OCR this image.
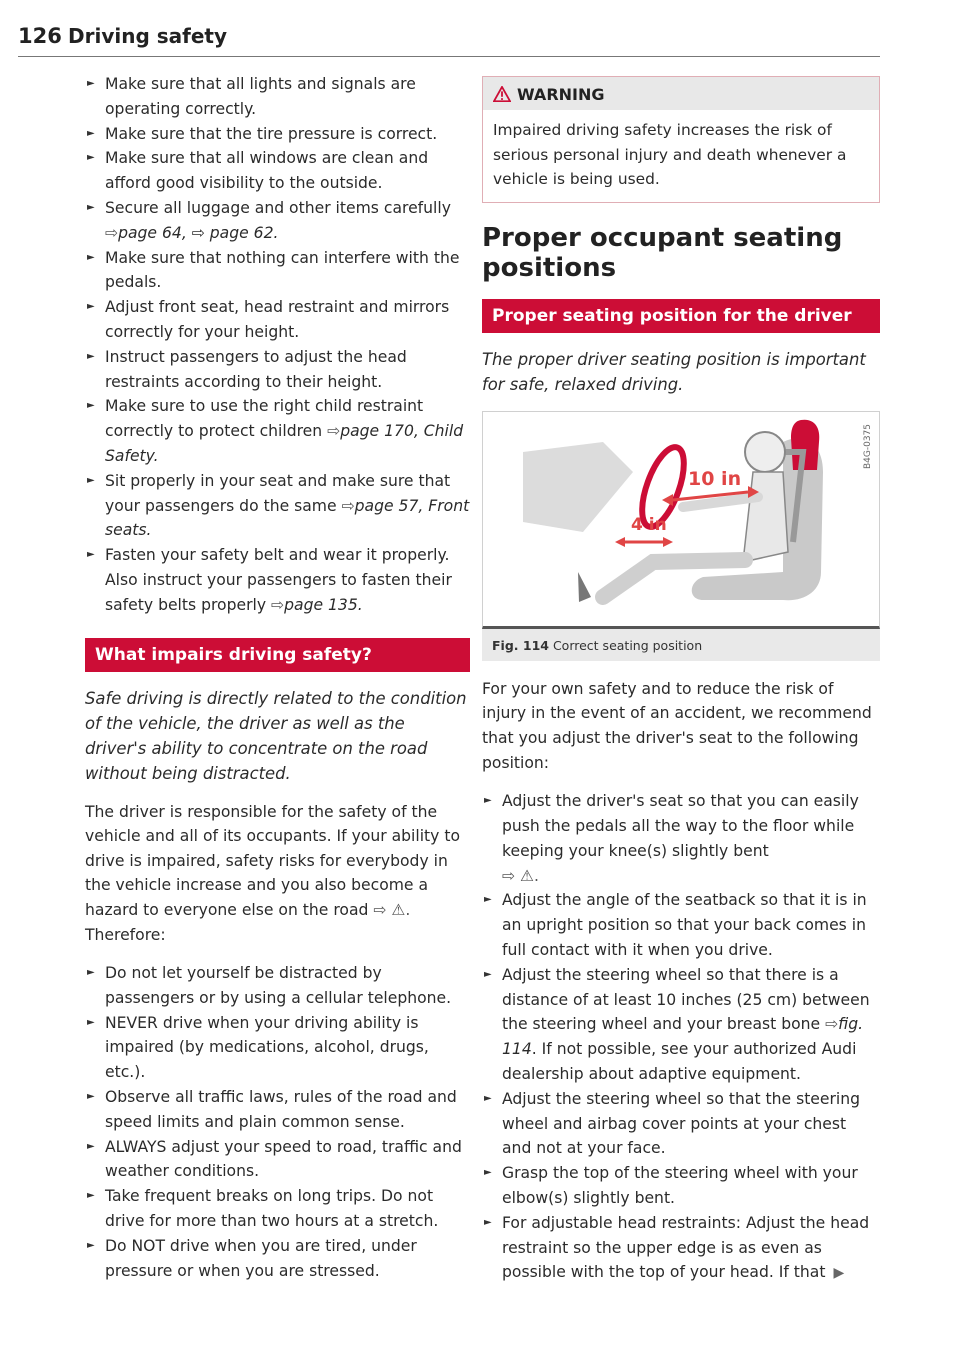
126 Driving safety
► Make sure that all lights and signals are operating correctly.
► Make sure that the tire pressure is correct.
► Make sure that all windows are clean and afford good visibility to the outside.
► Secure all luggage and other items carefully
⇨page 64, ⇨ page 62.
► Make sure that nothing can interfere with the pedals.
► Adjust front seat, head restraint and mirrors correctly for your height.
► Instruct passengers to adjust the head restraints according to their height.
► Make sure to use the right child restraint correctly to protect children ⇨page 170, Child Safety.
► Sit properly in your seat and make sure that your passengers do the same ⇨page 57, Front seats.
► Fasten your safety belt and wear it properly. Also instruct your passengers to fasten their safety belts properly ⇨page 135.
What impairs driving safety?

Safe driving is directly related to the condition of the vehicle, the driver as well as the driver's ability to concentrate on the road without being distracted.

The driver is responsible for the safety of the vehicle and all of its occupants. If your ability to drive is impaired, safety risks for everybody in the vehicle increase and you also become a hazard to everyone else on the road ⇨ ⚠.
Therefore:

► Do not let yourself be distracted by passengers or by using a cellular telephone.
► NEVER drive when your driving ability is impaired (by medications, alcohol, drugs, etc.).
► Observe all traffic laws, rules of the road and speed limits and plain common sense.
► ALWAYS adjust your speed to road, traffic and weather conditions.
► Take frequent breaks on long trips. Do not drive for more than two hours at a stretch.
► Do NOT drive when you are tired, under pressure or when you are stressed.
WARNING
Impaired driving safety increases the risk of serious personal injury and death whenever a vehicle is being used.
Proper occupant seating positions
Proper seating position for the driver

The proper driver seating position is important for safe, relaxed driving.

10 in
4 in
B4G-0375
Fig. 114 Correct seating position

For your own safety and to reduce the risk of injury in the event of an accident, we recommend that you adjust the driver's seat to the following position:

► Adjust the driver's seat so that you can easily push the pedals all the way to the floor while keeping your knee(s) slightly bent
⇨ ⚠.
► Adjust the angle of the seatback so that it is in an upright position so that your back comes in full contact with it when you drive.
► Adjust the steering wheel so that there is a distance of at least 10 inches (25 cm) between the steering wheel and your breast bone ⇨fig. 114. If not possible, see your authorized Audi dealership about adaptive equipment.
► Adjust the steering wheel so that the steering wheel and airbag cover points at your chest and not at your face.
► Grasp the top of the steering wheel with your elbow(s) slightly bent.
► For adjustable head restraints: Adjust the head restraint so the upper edge is as even as possible with the top of your head. If that ▶
